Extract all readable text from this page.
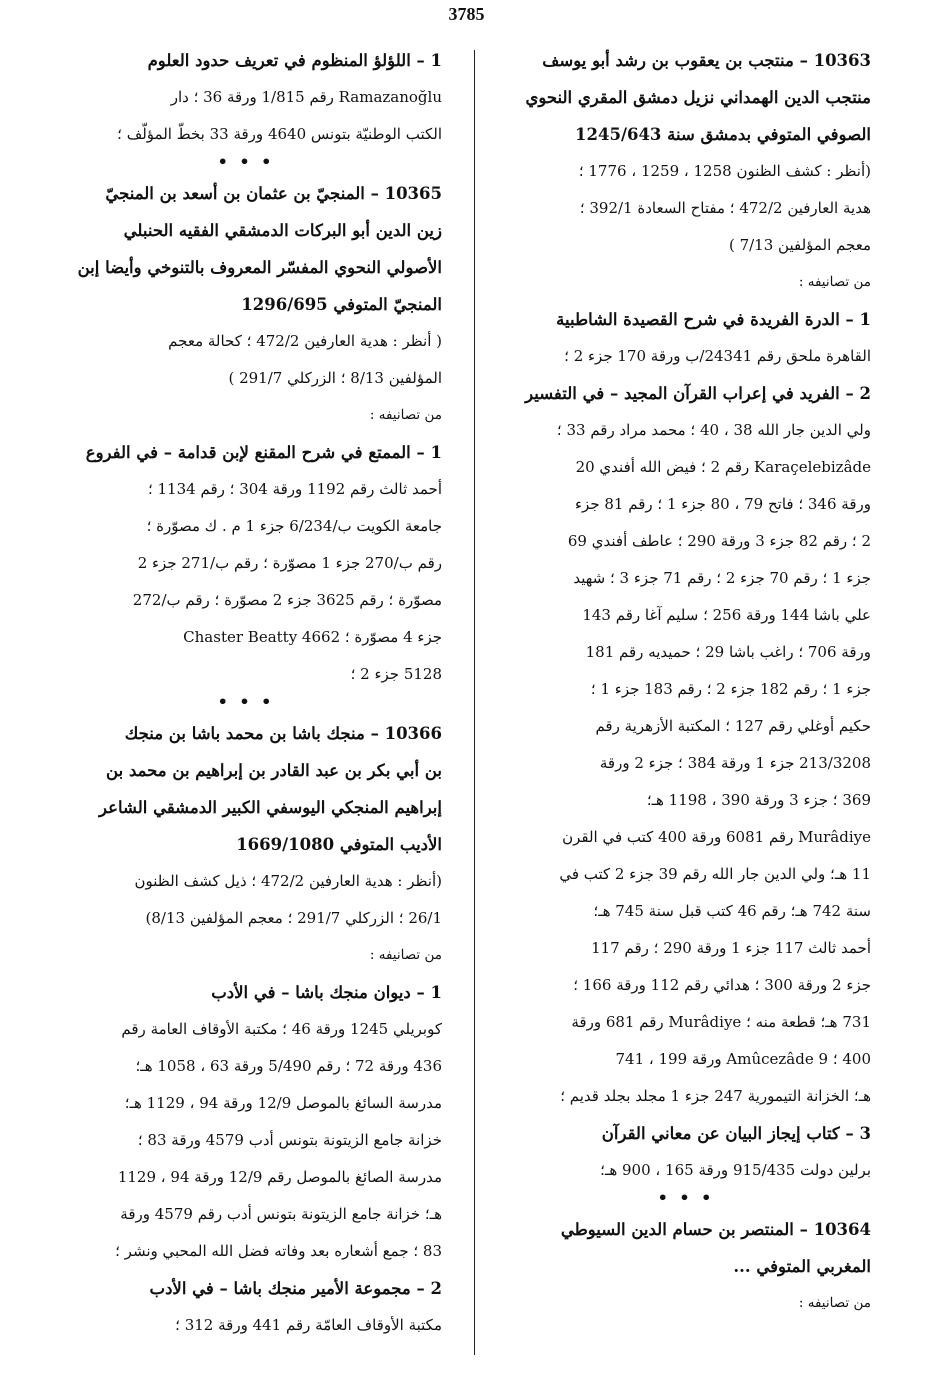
3785
10363 – منتجب بن يعقوب بن رشد أبو يوسف
منتجب الدين الهمداني نزيل دمشق المقري النحوي
الصوفي المتوفي بدمشق سنة 1245/643
(أنظر : كشف الظنون 1258 ، 1259 ، 1776 ؛
هدية العارفين 472/2 ؛ مفتاح السعادة 392/1 ؛
معجم المؤلفين 7/13 )
من تصانيفه :
1 – الدرة الفريدة في شرح القصيدة الشاطبية
القاهرة ملحق رقم 24341/ب ورقة 170 جزء 2 ؛
2 – الفريد في إعراب القرآن المجيد – في التفسير
ولي الدين جار الله 38 ، 40 ؛ محمد مراد رقم 33 ؛
Karaçelebizâde رقم 2 ؛ فيض الله أفندي 20
ورقة 346 ؛ فاتح 79 ، 80 جزء 1 ؛ رقم 81 جزء
2 ؛ رقم 82 جزء 3 ورقة 290 ؛ عاطف أفندي 69
جزء 1 ؛ رقم 70 جزء 2 ؛ رقم 71 جزء 3 ؛ شهيد
علي باشا 144 ورقة 256 ؛ سليم آغا رقم 143
ورقة 706 ؛ راغب باشا 29 ؛ حميديه رقم 181
جزء 1 ؛ رقم 182 جزء 2 ؛ رقم 183 جزء 1 ؛
حكيم أوغلي رقم 127 ؛ المكتبة الأزهرية رقم
213/3208 جزء 1 ورقة 384 ؛ جزء 2 ورقة
369 ؛ جزء 3 ورقة 390 ، 1198 هـ؛
Murâdiye رقم 6081 ورقة 400 كتب في القرن
11 هـ؛ ولي الدين جار الله رقم 39 جزء 2 كتب في
سنة 742 هـ؛ رقم 46 كتب قبل سنة 745 هـ؛
أحمد ثالث 117 جزء 1 ورقة 290 ؛ رقم 117
جزء 2 ورقة 300 ؛ هدائي رقم 112 ورقة 166 ؛
731 هـ؛ قطعة منه ؛ Murâdiye رقم 681 ورقة
400 ؛ Amûcezâde 9 ورقة 199 ، 741
هـ؛ الخزانة التيمورية 247 جزء 1 مجلد بجلد قديم ؛
3 – كتاب إيجاز البيان عن معاني القرآن
برلين دولت 915/435 ورقة 165 ، 900 هـ؛
• • •
10364 – المنتصر بن حسام الدين السيوطي
المغربي المتوفي ...
من تصانيفه :
1 – اللؤلؤ المنظوم في تعريف حدود العلوم
Ramazanoğlu رقم 1/815 ورقة 36 ؛ دار
الكتب الوطنيّة بتونس 4640 ورقة 33 بخطّ المؤلّف ؛
• • •
10365 – المنجيّ بن عثمان بن أسعد بن المنجيّ
زين الدين أبو البركات الدمشقي الفقيه الحنبلي
الأصولي النحوي المفسّر المعروف بالتنوخي وأيضا إبن
المنجيّ المتوفي 1296/695
( أنظر : هدية العارفين 472/2 ؛ كحالة معجم
المؤلفين 8/13 ؛ الزركلي 291/7 )
من تصانيفه :
1 – الممتع في شرح المقنع لإبن قدامة – في الفروع
أحمد ثالث رقم 1192 ورقة 304 ؛ رقم 1134 ؛
جامعة الكويت ب/6/234 جزء 1 م . ك مصوّرة ؛
رقم ب/270 جزء 1 مصوّرة ؛ رقم ب/271 جزء 2
مصوّرة ؛ رقم 3625 جزء 2 مصوّرة ؛ رقم ب/272
جزء 4 مصوّرة ؛ Chaster Beatty 4662
5128 جزء 2 ؛
• • •
10366 – منجك باشا بن محمد باشا بن منجك
بن أبي بكر بن عبد القادر بن إبراهيم بن محمد بن
إبراهيم المنجكي اليوسفي الكبير الدمشقي الشاعر
الأديب المتوفي 1669/1080
(أنظر : هدية العارفين 472/2 ؛ ذيل كشف الظنون
26/1 ؛ الزركلي 291/7 ؛ معجم المؤلفين 8/13)
من تصانيفه :
1 – ديوان منجك باشا – في الأدب
كوبريلي 1245 ورقة 46 ؛ مكتبة الأوقاف العامة رقم
436 ورقة 72 ؛ رقم 5/490 ورقة 63 ، 1058 هـ؛
مدرسة السائغ بالموصل 12/9 ورقة 94 ، 1129 هـ؛
خزانة جامع الزيتونة بتونس أدب 4579 ورقة 83 ؛
مدرسة الصائغ بالموصل رقم 12/9 ورقة 94 ، 1129
هـ؛ خزانة جامع الزيتونة بتونس أدب رقم 4579 ورقة
83 ؛ جمع أشعاره بعد وفاته فضل الله المحبي ونشر ؛
2 – مجموعة الأمير منجك باشا – في الأدب
مكتبة الأوقاف العامّة رقم 441 ورقة 312 ؛
